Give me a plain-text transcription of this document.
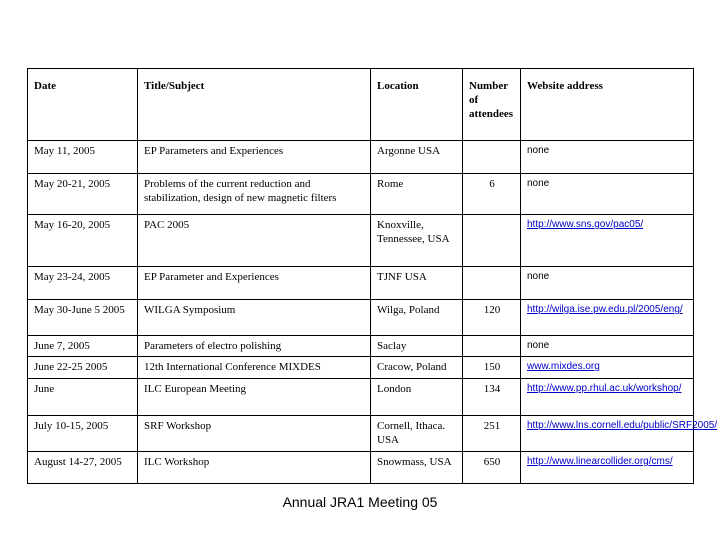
Date	Title/Subject	Location	Number of attendees	Website address
May 11, 2005	EP Parameters and Experiences	Argonne USA		none
May 20-21, 2005	Problems of the current reduction and stabilization, design of new magnetic filters	Rome	6	none
May 16-20, 2005	PAC 2005	Knoxville, Tennessee, USA		http://www.sns.gov/pac05/
May 23-24, 2005	EP Parameter and Experiences	TJNF USA		none
May 30-June 5 2005	WILGA Symposium	Wilga, Poland	120	http://wilga.ise.pw.edu.pl/2005/eng/
June 7, 2005	Parameters of electro polishing	Saclay		none
June 22-25 2005	12th International Conference MIXDES	Cracow, Poland	150	www.mixdes.org
June	ILC European Meeting	London	134	http://www.pp.rhul.ac.uk/workshop/
July 10-15, 2005	SRF Workshop	Cornell, Ithaca. USA	251	http://www.lns.cornell.edu/public/SRF2005/
August 14-27, 2005	ILC Workshop	Snowmass, USA	650	http://www.linearcollider.org/cms/
Annual JRA1 Meeting 05
